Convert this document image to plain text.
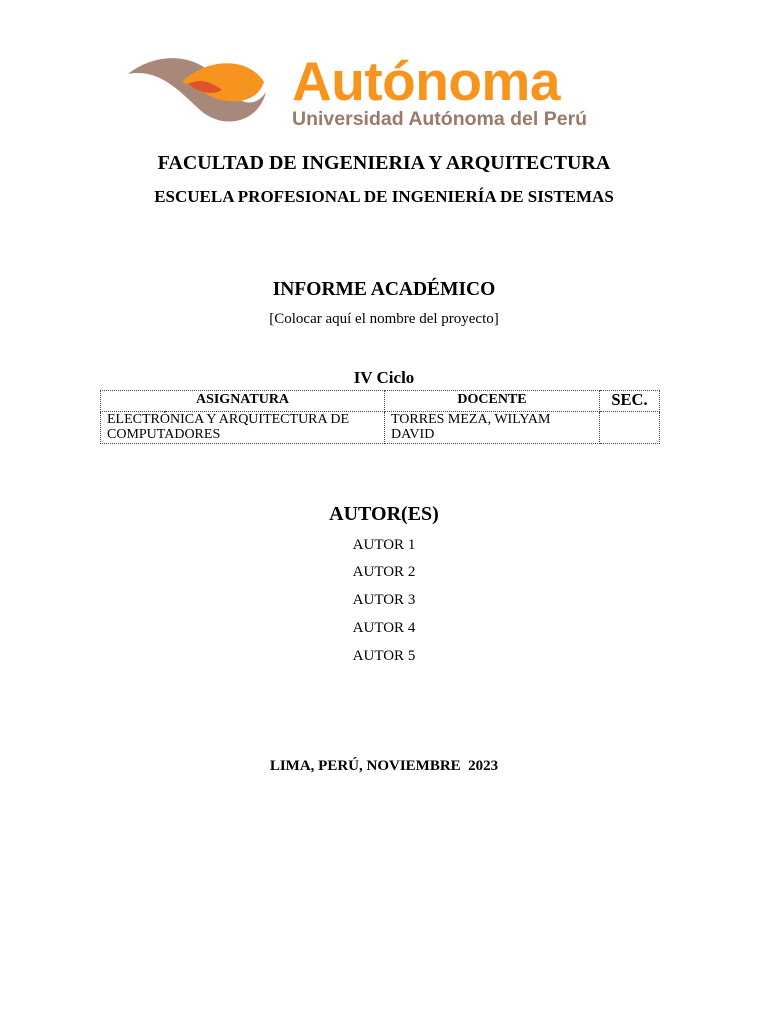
Autónoma
Universidad Autónoma del Perú
FACULTAD DE INGENIERIA Y ARQUITECTURA
ESCUELA PROFESIONAL DE INGENIERÍA DE SISTEMAS
INFORME ACADÉMICO
[Colocar aquí el nombre del proyecto]
IV Ciclo
ASIGNATURA	DOCENTE	SEC.
ELECTRÓNICA Y ARQUITECTURA DE COMPUTADORES	TORRES MEZA, WILYAM DAVID	
AUTOR(ES)
AUTOR 1
AUTOR 2
AUTOR 3
AUTOR 4
AUTOR 5
LIMA, PERÚ, NOVIEMBRE  2023
